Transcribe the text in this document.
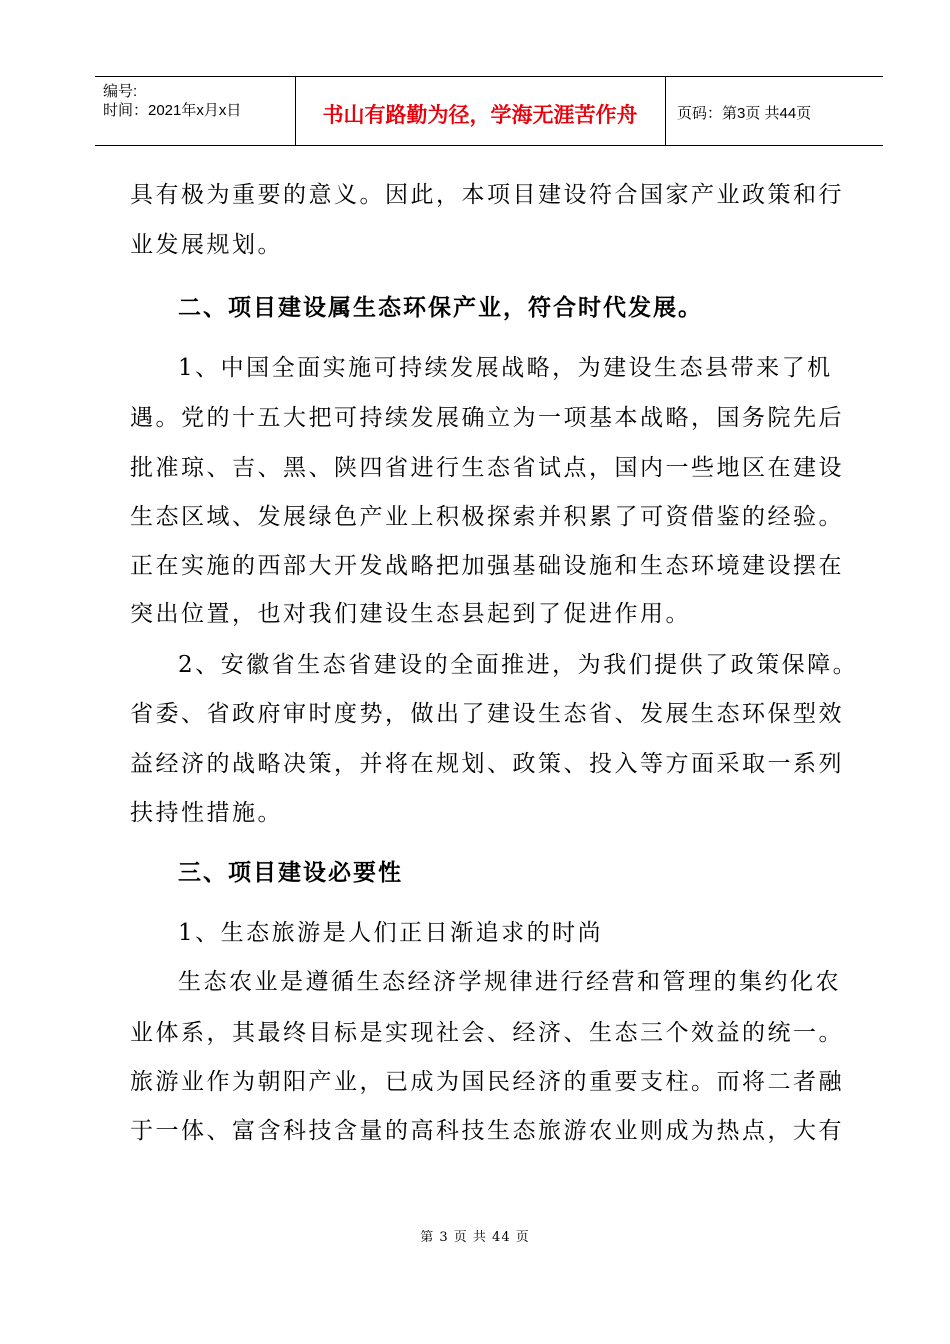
编号:
时间：2021年x月x日	书山有路勤为径，学海无涯苦作舟	页码：第3页 共44页
具有极为重要的意义。因此，本项目建设符合国家产业政策和行
业发展规划。
二、项目建设属生态环保产业，符合时代发展。
1、中国全面实施可持续发展战略，为建设生态县带来了机
遇。党的十五大把可持续发展确立为一项基本战略，国务院先后
批准琼、吉、黑、陕四省进行生态省试点，国内一些地区在建设
生态区域、发展绿色产业上积极探索并积累了可资借鉴的经验。
正在实施的西部大开发战略把加强基础设施和生态环境建设摆在
突出位置，也对我们建设生态县起到了促进作用。
2、安徽省生态省建设的全面推进，为我们提供了政策保障。
省委、省政府审时度势，做出了建设生态省、发展生态环保型效
益经济的战略决策，并将在规划、政策、投入等方面采取一系列
扶持性措施。
三、项目建设必要性
1、生态旅游是人们正日渐追求的时尚
生态农业是遵循生态经济学规律进行经营和管理的集约化农
业体系，其最终目标是实现社会、经济、生态三个效益的统一。
旅游业作为朝阳产业，已成为国民经济的重要支柱。而将二者融
于一体、富含科技含量的高科技生态旅游农业则成为热点，大有
第 3 页 共 44 页
